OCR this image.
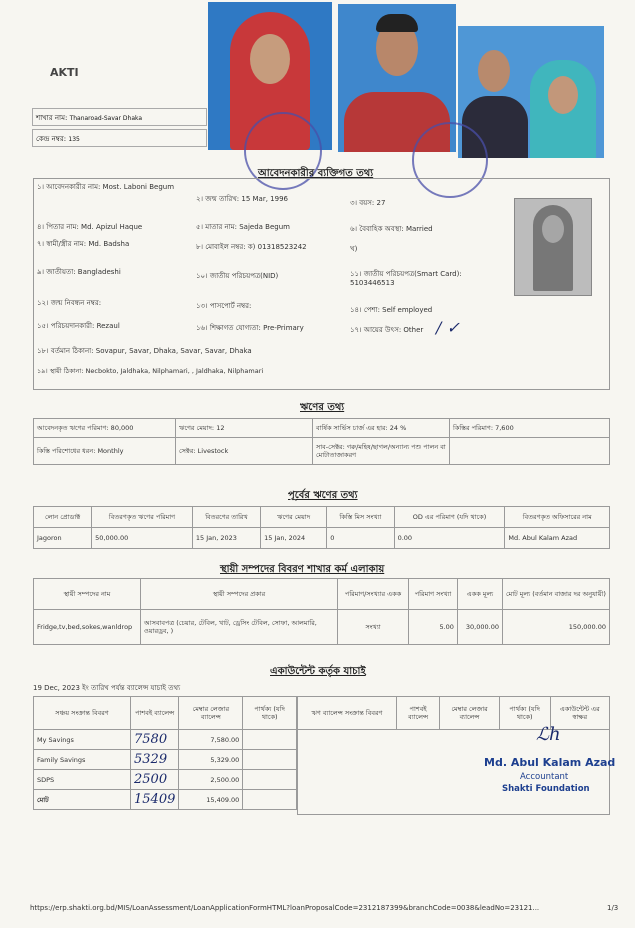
AKTI
শাখার নাম: Thanaroad-Savar Dhaka
কেন্দ্র নম্বর: 135
আবেদনকারীর ব্যক্তিগত তথ্য
১। আবেদনকারীর নাম: Most. Laboni Begum
২। জন্ম তারিখ: 15 Mar, 1996	৩। বয়স: 27
৪। পিতার নাম: Md. Apizul Haque	৫। মাতার নাম: Sajeda Begum	৬। বৈবাহিক অবস্থা: Married
৭। স্বামী/স্ত্রীর নাম: Md. Badsha	৮। মোবাইল নম্বর: ক) 01318523242	খ)
৯। জাতীয়তা: Bangladeshi	১০। জাতীয় পরিচয়পত্র(NID)	১১। জাতীয় পরিচয়পত্র(Smart Card): 5103446513
১২। জন্ম নিবন্ধন নম্বর:	১৩। পাসপোর্ট নম্বর:	১৪। পেশা: Self employed
১৫। পরিচয়দানকারী: Rezaul	১৬। শিক্ষাগত যোগ্যতা: Pre-Primary	১৭। আয়ের উৎস: Other / ✓
১৮। বর্তমান ঠিকানা: Sovapur, Savar, Dhaka, Savar, Savar, Dhaka
১৯। স্থায়ী ঠিকানা: Necbokto, Jaldhaka, Nilphamari, , Jaldhaka, Nilphamari
ঋণের তথ্য
আবেদনকৃত ঋণের পরিমাণ: 80,000	ঋণের মেয়াদ: 12	বার্ষিক সার্ভিস চার্জ এর হার: 24 %	কিস্তির পরিমাণ: 7,600
কিস্তি পরিশোধের ধরন: Monthly	সেক্টর: Livestock	সাব-সেক্টর: গরু/মহিষ/ছাগল/অন্যান্য পশু পালন বা মোটাতাজাকরণ	
পূর্বের ঋণের তথ্য
লোন প্রোডাক্ট	বিতরণকৃত ঋণের পরিমাণ	বিতরণের তারিখ	ঋণের মেয়াদ	কিস্তি মিস সংখ্যা	OD এর পরিমাণ (যদি থাকে)	বিতরণকৃত অফিসারের নাম
Jagoron	50,000.00	15 Jan, 2023	15 Jan, 2024	0	0.00	Md. Abul Kalam Azad
স্থায়ী সম্পদের বিবরণ শাখার কর্ম এলাকায়
স্থায়ী সম্পদের নাম	স্থায়ী সম্পদের প্রকার	পরিমাণ/সংখ্যার একক	পরিমাণ সংখ্যা	একক মূল্য	মোট মূল্য (বর্তমান বাজার দর অনুযায়ী)
Fridge,tv,bed,sokes,wanldrop	আসবাবপত্র (চেয়ার, টেবিল, খাট, ড্রেসিং টেবিল, সোফা, আলমারি, ওয়ারড্রব, )	সংখ্যা	5.00	30,000.00	150,000.00
একাউন্টেন্ট কর্তৃক যাচাই
19 Dec, 2023 ইং তারিখ পর্যন্ত ব্যালেন্স যাচাই তথ্য
সঞ্চয় সংক্রান্ত বিবরণ	পাশবই ব্যালেন্স	মেম্বার লেজার ব্যালেন্স	পার্থক্য (যদি থাকে)
My Savings	7580	7,580.00	
Family Savings	5329	5,329.00	
SDPS	2500	2,500.00	
মোট	15409	15,409.00	
ঋণ ব্যালেন্স সংক্রান্ত বিবরণ	পাশবই ব্যালেন্স	মেম্বার লেজার ব্যালেন্স	পার্থক্য (যদি থাকে)	একাউন্টেন্ট এর স্বাক্ষর

ℒℎ
Md. Abul Kalam Azad
Accountant
Shakti Foundation
https://erp.shakti.org.bd/MIS/LoanAssessment/LoanApplicationFormHTML?loanProposalCode=2312187399&branchCode=0038&leadNo=23121...	1/3
